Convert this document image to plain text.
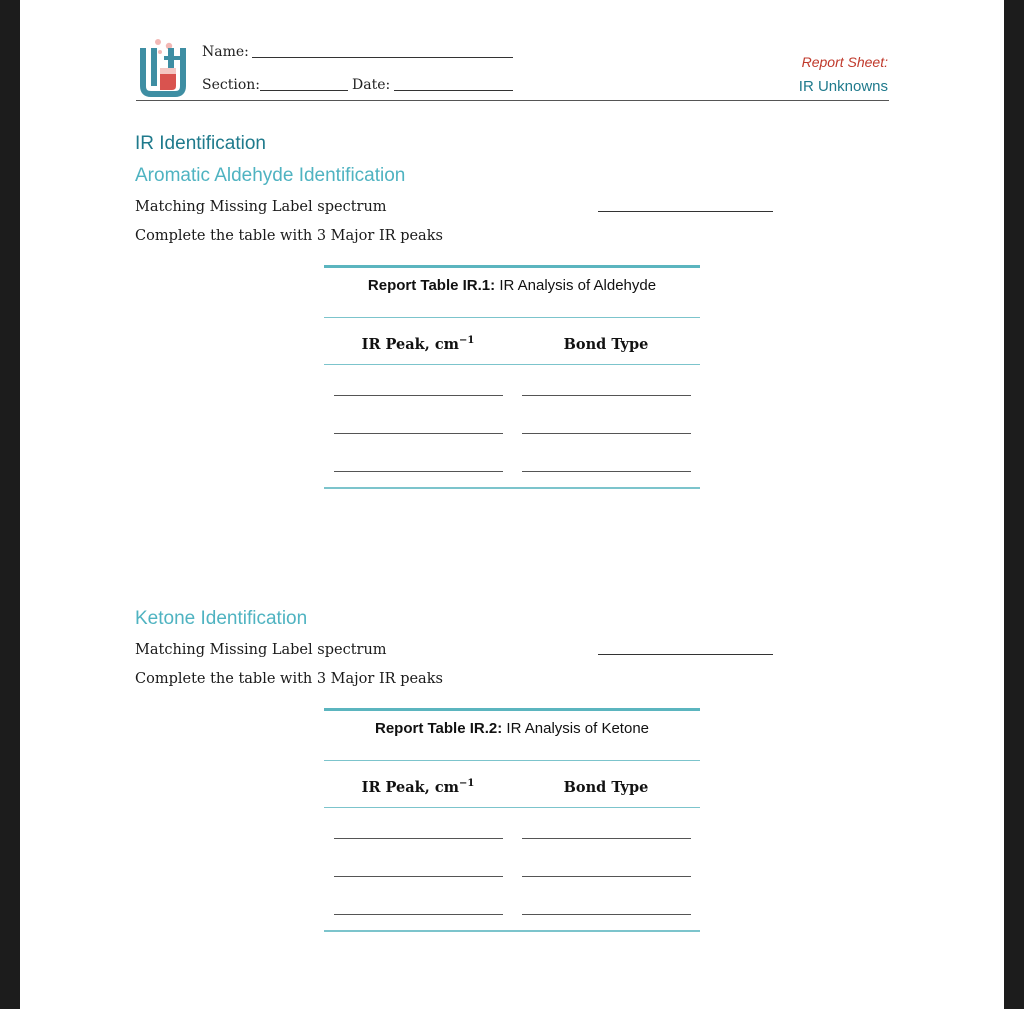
Name:
Section:	Date:
Report Sheet:
IR Unknowns
IR Identification
Aromatic Aldehyde Identification
Matching Missing Label spectrum
Complete the table with 3 Major IR peaks
Report Table IR.1: IR Analysis of Aldehyde
IR Peak, $cm^{-1}$	Bond Type
Ketone Identification
Matching Missing Label spectrum
Complete the table with 3 Major IR peaks
Report Table IR.2: IR Analysis of Ketone
IR Peak, $cm^{-1}$	Bond Type
